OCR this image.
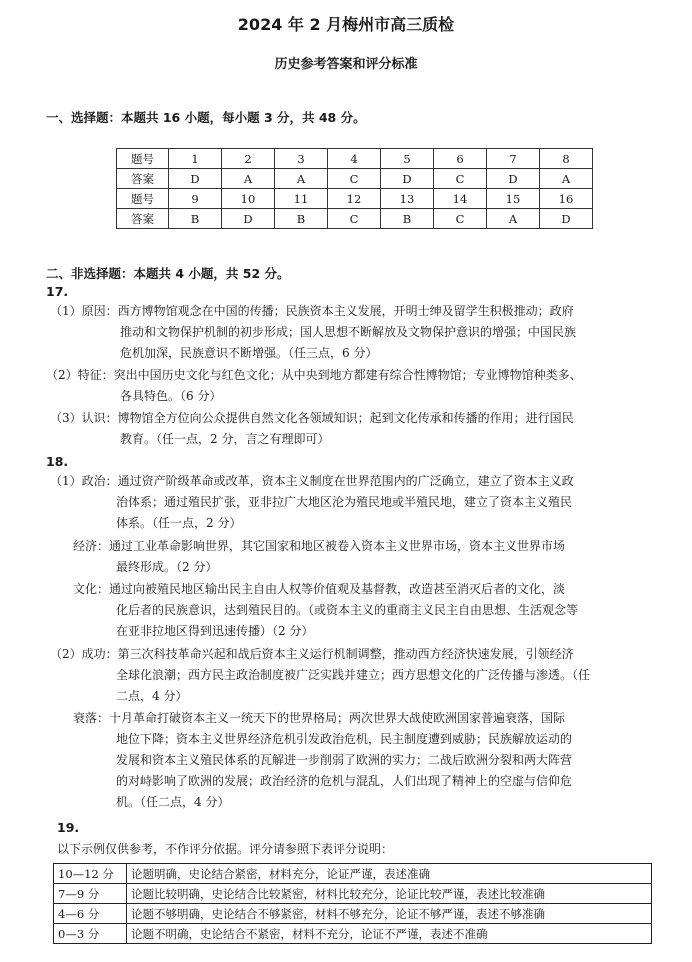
2024 年 2 月梅州市高三质检
历史参考答案和评分标准
一、选择题：本题共 16 小题，每小题 3 分，共 48 分。
题号	1	2	3	4	5	6	7	8
答案	D	A	A	C	D	C	D	A
题号	9	10	11	12	13	14	15	16
答案	B	D	B	C	B	C	A	D
二、非选择题：本题共 4 小题，共 52 分。
17.
（1）原因：西方博物馆观念在中国的传播；民族资本主义发展，开明士绅及留学生积极推动；政府
推动和文物保护机制的初步形成；国人思想不断解放及文物保护意识的增强；中国民族
危机加深，民族意识不断增强。（任三点，6 分）
（2）特征：突出中国历史文化与红色文化；从中央到地方都建有综合性博物馆；专业博物馆种类多、
各具特色。（6 分）
（3）认识：博物馆全方位向公众提供自然文化各领域知识；起到文化传承和传播的作用；进行国民
教育。（任一点，2 分，言之有理即可）
18.
（1）政治：通过资产阶级革命或改革，资本主义制度在世界范围内的广泛确立，建立了资本主义政
治体系；通过殖民扩张，亚非拉广大地区沦为殖民地或半殖民地，建立了资本主义殖民
体系。（任一点，2 分）
经济：通过工业革命影响世界，其它国家和地区被卷入资本主义世界市场，资本主义世界市场
最终形成。（2 分）
文化：通过向被殖民地区输出民主自由人权等价值观及基督教，改造甚至消灭后者的文化，淡
化后者的民族意识，达到殖民目的。（或资本主义的重商主义民主自由思想、生活观念等
在亚非拉地区得到迅速传播）（2 分）
（2）成功：第三次科技革命兴起和战后资本主义运行机制调整，推动西方经济快速发展，引领经济
全球化浪潮；西方民主政治制度被广泛实践并建立；西方思想文化的广泛传播与渗透。（任
二点，4 分）
衰落：十月革命打破资本主义一统天下的世界格局；两次世界大战使欧洲国家普遍衰落，国际
地位下降；资本主义世界经济危机引发政治危机，民主制度遭到威胁；民族解放运动的
发展和资本主义殖民体系的瓦解进一步削弱了欧洲的实力；二战后欧洲分裂和两大阵营
的对峙影响了欧洲的发展；政治经济的危机与混乱，人们出现了精神上的空虚与信仰危
机。（任二点，4 分）
19.
以下示例仅供参考，不作评分依据。评分请参照下表评分说明：
10—12 分	论题明确，史论结合紧密，材料充分，论证严谨，表述准确
7—9 分	论题比较明确，史论结合比较紧密，材料比较充分，论证比较严谨，表述比较准确
4—6 分	论题不够明确，史论结合不够紧密，材料不够充分，论证不够严谨，表述不够准确
0—3 分	论题不明确，史论结合不紧密，材料不充分，论证不严谨，表述不准确
